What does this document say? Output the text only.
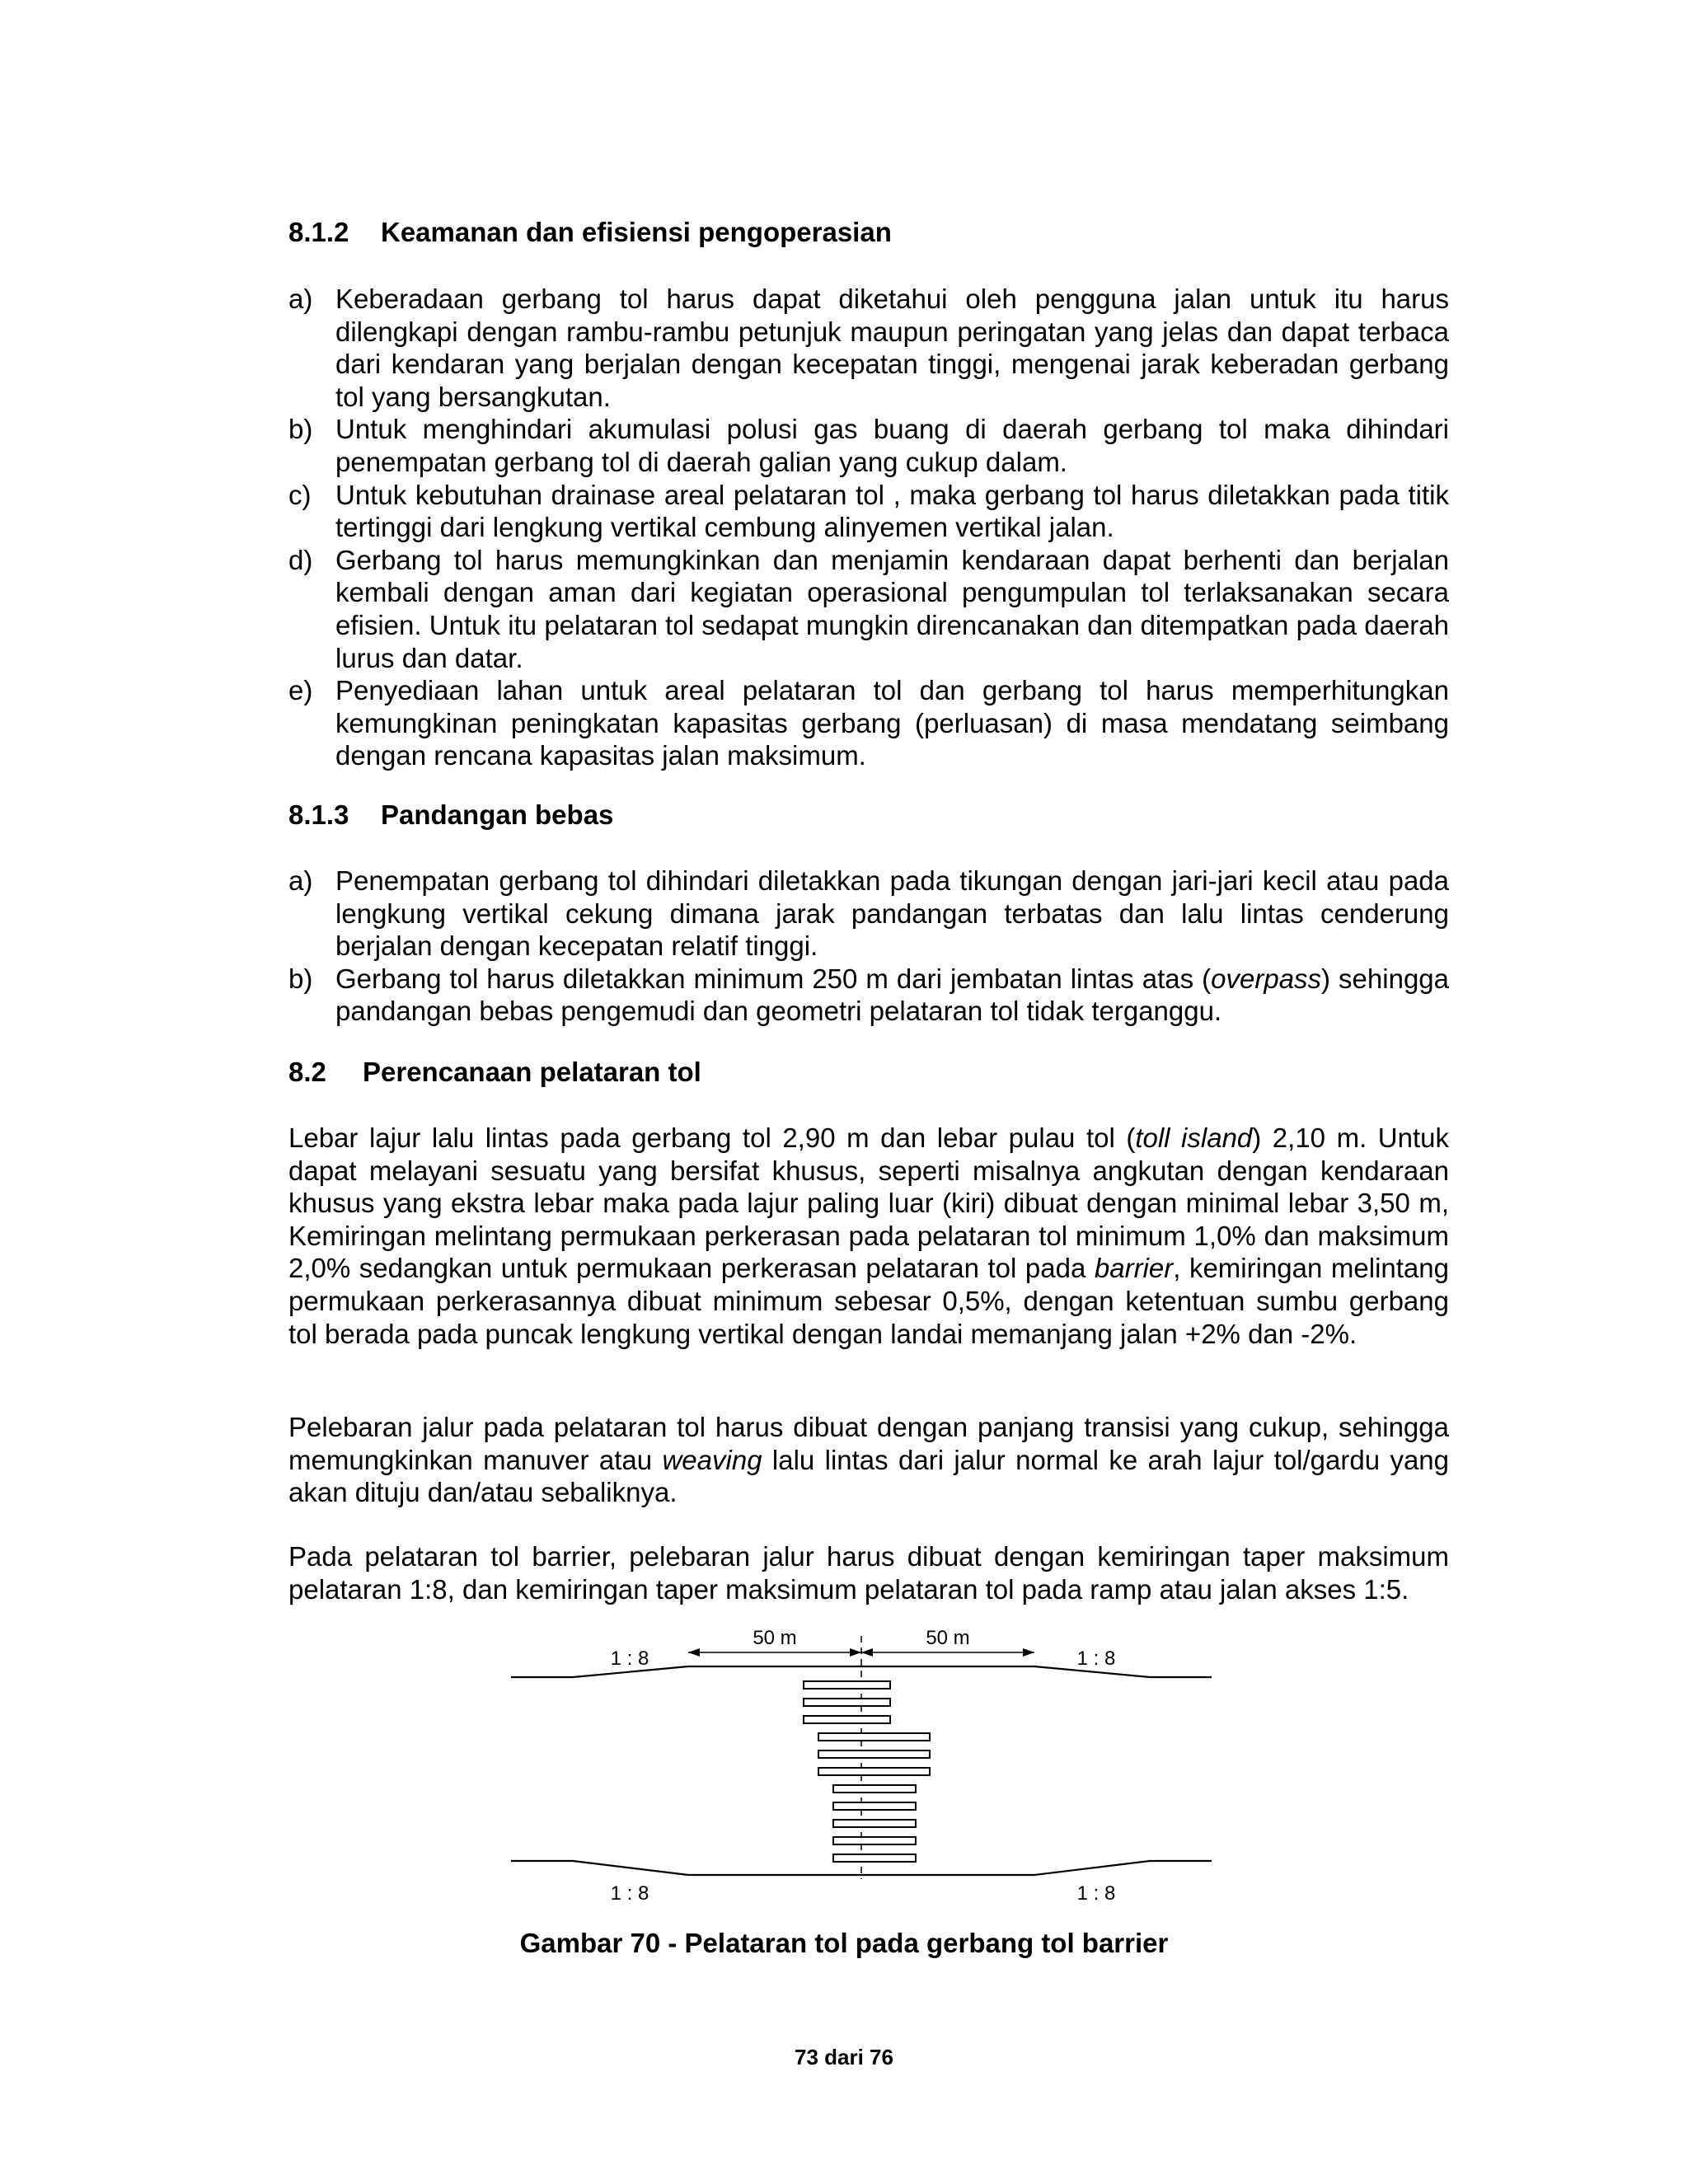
8.1.2 Keamanan dan efisiensi pengoperasian
a) Keberadaan gerbang tol harus dapat diketahui oleh pengguna jalan untuk itu harus dilengkapi dengan rambu-rambu petunjuk maupun peringatan yang jelas dan dapat terbaca dari kendaran yang berjalan dengan kecepatan tinggi, mengenai jarak keberadan gerbang tol yang bersangkutan.
b) Untuk menghindari akumulasi polusi gas buang di daerah gerbang tol maka dihindari penempatan gerbang tol di daerah galian yang cukup dalam.
c) Untuk kebutuhan drainase areal pelataran tol , maka gerbang tol harus diletakkan pada titik tertinggi dari lengkung vertikal cembung alinyemen vertikal jalan.
d) Gerbang tol harus memungkinkan dan menjamin kendaraan dapat berhenti dan berjalan kembali dengan aman dari kegiatan operasional pengumpulan tol terlaksanakan secara efisien. Untuk itu pelataran tol sedapat mungkin direncanakan dan ditempatkan pada daerah lurus dan datar.
e) Penyediaan lahan untuk areal pelataran tol dan gerbang tol harus memperhitungkan kemungkinan peningkatan kapasitas gerbang (perluasan) di masa mendatang seimbang dengan rencana kapasitas jalan maksimum.
8.1.3 Pandangan bebas
a) Penempatan gerbang tol dihindari diletakkan pada tikungan dengan jari-jari kecil atau pada lengkung vertikal cekung dimana jarak pandangan terbatas dan lalu lintas cenderung berjalan dengan kecepatan relatif tinggi.
b) Gerbang tol harus diletakkan minimum 250 m dari jembatan lintas atas (overpass) sehingga pandangan bebas pengemudi dan geometri pelataran tol tidak terganggu.
8.2 Perencanaan pelataran tol
Lebar lajur lalu lintas pada gerbang tol 2,90 m dan lebar pulau tol (toll island) 2,10 m. Untuk dapat melayani sesuatu yang bersifat khusus, seperti misalnya angkutan dengan kendaraan khusus yang ekstra lebar maka pada lajur paling luar (kiri) dibuat dengan minimal lebar 3,50 m, Kemiringan melintang permukaan perkerasan pada pelataran tol minimum 1,0% dan maksimum 2,0% sedangkan untuk permukaan perkerasan pelataran tol pada barrier, kemiringan melintang permukaan perkerasannya dibuat minimum sebesar 0,5%, dengan ketentuan sumbu gerbang tol berada pada puncak lengkung vertikal dengan landai memanjang jalan +2% dan -2%.
Pelebaran jalur pada pelataran tol harus dibuat dengan panjang transisi yang cukup, sehingga memungkinkan manuver atau weaving lalu lintas dari jalur normal ke arah lajur tol/gardu yang akan dituju dan/atau sebaliknya.
Pada pelataran tol barrier, pelebaran jalur harus dibuat dengan kemiringan taper maksimum pelataran 1:8, dan kemiringan taper maksimum pelataran tol pada ramp atau jalan akses 1:5.
50 m	50 m
1 : 8	1 : 8
1 : 8	1 : 8
Gambar 70 - Pelataran tol pada gerbang tol barrier
73 dari 76
